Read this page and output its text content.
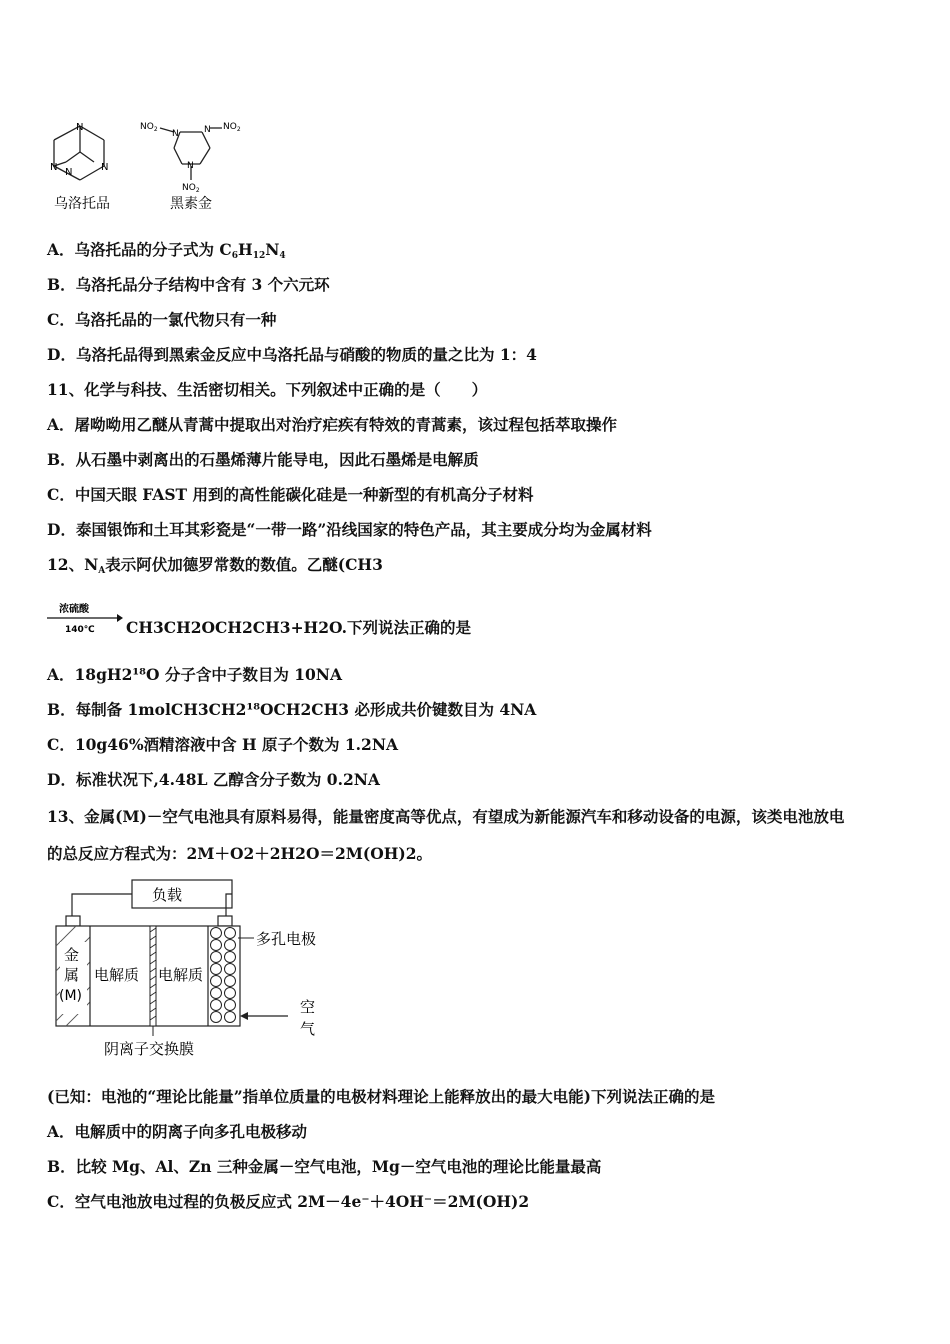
N
N	N
N
乌洛托品
$NO_2$ N	N $NO_2$
N
$NO_2$
黑素金
A．乌洛托品的分子式为 $C_6H_{12}N_4$
B．乌洛托品分子结构中含有 3 个六元环
C．乌洛托品的一氯代物只有一种
D．乌洛托品得到黑索金反应中乌洛托品与硝酸的物质的量之比为 1：4
11、化学与科技、生活密切相关。下列叙述中正确的是（　　）
A．屠呦呦用乙醚从青蒿中提取出对治疗疟疾有特效的青蒿素，该过程包括萃取操作
B．从石墨中剥离出的石墨烯薄片能导电，因此石墨烯是电解质
C．中国天眼 FAST 用到的高性能碳化硅是一种新型的有机高分子材料
D．泰国银饰和土耳其彩瓷是“一带一路”沿线国家的特色产品，其主要成分均为金属材料
12、$N_A$表示阿伏加德罗常数的数值。乙醚(CH3
浓硫酸
140℃ CH3CH2OCH2CH3+H2O.下列说法正确的是
A．18gH2¹⁸O 分子含中子数目为 10NA
B．每制备 1molCH3CH2¹⁸OCH2CH3 必形成共价键数目为 4NA
C．10g46%酒精溶液中含 H 原子个数为 1.2NA
D．标准状况下,4.48L 乙醇含分子数为 0.2NA
13、金属(M)－空气电池具有原料易得，能量密度高等优点，有望成为新能源汽车和移动设备的电源，该类电池放电
的总反应方程式为：2M＋O2＋2H2O＝2M(OH)2。
负载
金
属
(M)
电解质 电解质
多孔电极
空
气
阴离子交换膜
(已知：电池的“理论比能量”指单位质量的电极材料理论上能释放出的最大电能)下列说法正确的是
A．电解质中的阴离子向多孔电极移动
B．比较 Mg、Al、Zn 三种金属－空气电池，Mg－空气电池的理论比能量最高
C．空气电池放电过程的负极反应式 2M－4e⁻＋4OH⁻＝2M(OH)2
